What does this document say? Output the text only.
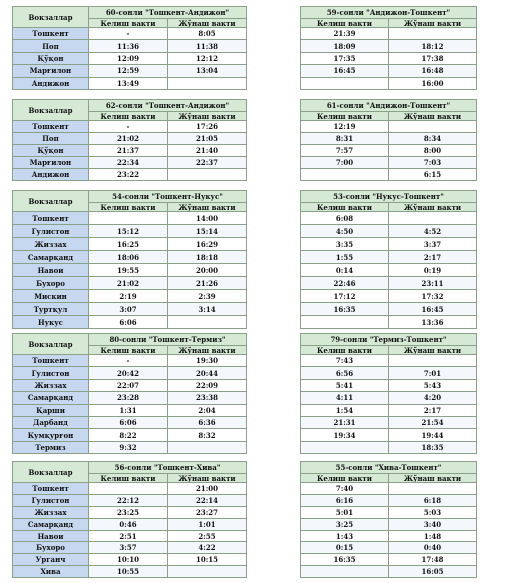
Вокзаллар	60-сонли "Тошкент-Андижон"	
	Келиш вакти	Жўнаш вакти
Тошкент	-	8:05
Поп	11:36	11:38
Қўқон	12:09	12:12
Марғилон	12:59	13:04
Андижон	13:49	
59-сонли "Андижон-Тошкент"	
Келиш вакти	Жўнаш вакти
21:39	
18:09	18:12
17:35	17:38
16:45	16:48
	16:00
Вокзаллар	62-сонли "Тошкент-Андижон"	
	Келиш вакти	Жўнаш вакти
Тошкент	-	17:26
Поп	21:02	21:05
Қўқон	21:37	21:40
Марғилон	22:34	22:37
Андижон	23:22	
61-сонли "Андижон-Тошкент"	
Келиш вакти	Жўнаш вакти
12:19	
8:31	8:34
7:57	8:00
7:00	7:03
	6:15
Вокзаллар	54-сонли "Тошкент-Нукус"	
	Келиш вакти	Жўнаш вакти
Тошкент		14:00
Гулистон	15:12	15:14
Жиззах	16:25	16:29
Самарқанд	18:06	18:18
Навои	19:55	20:00
Бухоро	21:02	21:26
Мискин	2:19	2:39
Туртқул	3:07	3:14
Нукус	6:06	
53-сонли "Нукус-Тошкент"	
Келиш вакти	Жўнаш вакти
6:08	
4:50	4:52
3:35	3:37
1:55	2:17
0:14	0:19
22:46	23:11
17:12	17:32
16:35	16:45
	13:36
Вокзаллар	80-сонли "Тошкент-Термиз"	
	Келиш вакти	Жўнаш вакти
Тошкент	-	19:30
Гулистон	20:42	20:44
Жиззах	22:07	22:09
Самарқанд	23:28	23:38
Қарши	1:31	2:04
Дарбанд	6:06	6:36
Кумқурғон	8:22	8:32
Термиз	9:32	
79-сонли "Термиз-Тошкент"	
Келиш вакти	Жўнаш вакти
7:43	
6:56	7:01
5:41	5:43
4:11	4:20
1:54	2:17
21:31	21:54
19:34	19:44
	18:35
Вокзаллар	56-сонли "Тошкент-Хива"	
	Келиш вакти	Жўнаш вакти
Тошкент		21:00
Гулистон	22:12	22:14
Жиззах	23:25	23:27
Самарқанд	0:46	1:01
Навои	2:51	2:55
Бухоро	3:57	4:22
Урганч	10:10	10:15
Хива	10:55	
55-сонли "Хива-Тошкент"	
Келиш вакти	Жўнаш вакти
7:40	
6:16	6:18
5:01	5:03
3:25	3:40
1:43	1:48
0:15	0:40
16:35	17:48
	16:05
